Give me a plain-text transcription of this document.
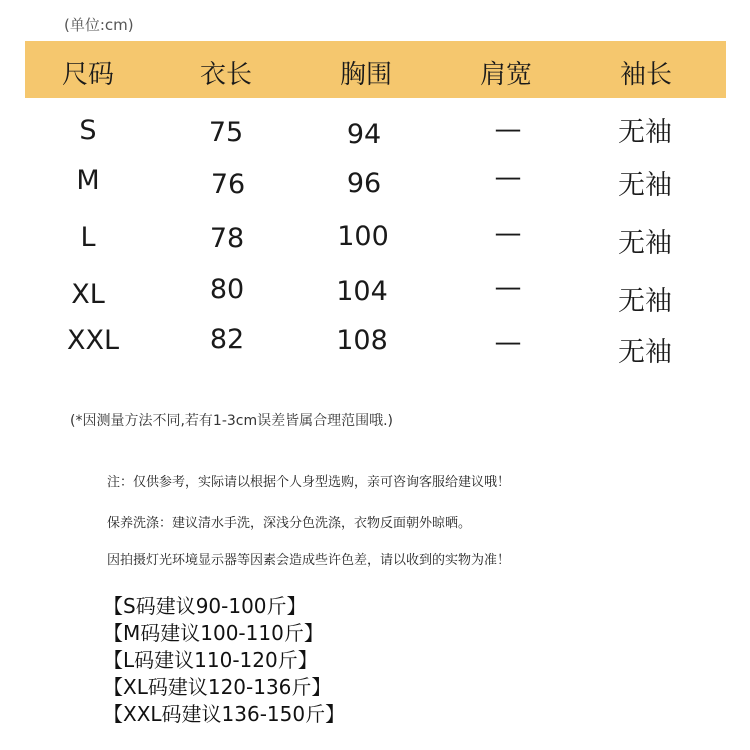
(单位:cm)
尺码	衣长	胸围	肩宽	袖长
S	75	94	—	无袖
M	76	96	—	无袖
L	78	100	—	无袖
XL	80	104	—	无袖
XXL	82	108	—	无袖
(*因测量方法不同,若有1-3cm误差皆属合理范围哦.)
注：仅供参考，实际请以根据个人身型选购，亲可咨询客服给建议哦！
保养洗涤：建议清水手洗，深浅分色洗涤，衣物反面朝外晾晒。
因拍摄灯光环境显示器等因素会造成些许色差，请以收到的实物为准！
【S码建议90-100斤】
【M码建议100-110斤】
【L码建议110-120斤】
【XL码建议120-136斤】
【XXL码建议136-150斤】
